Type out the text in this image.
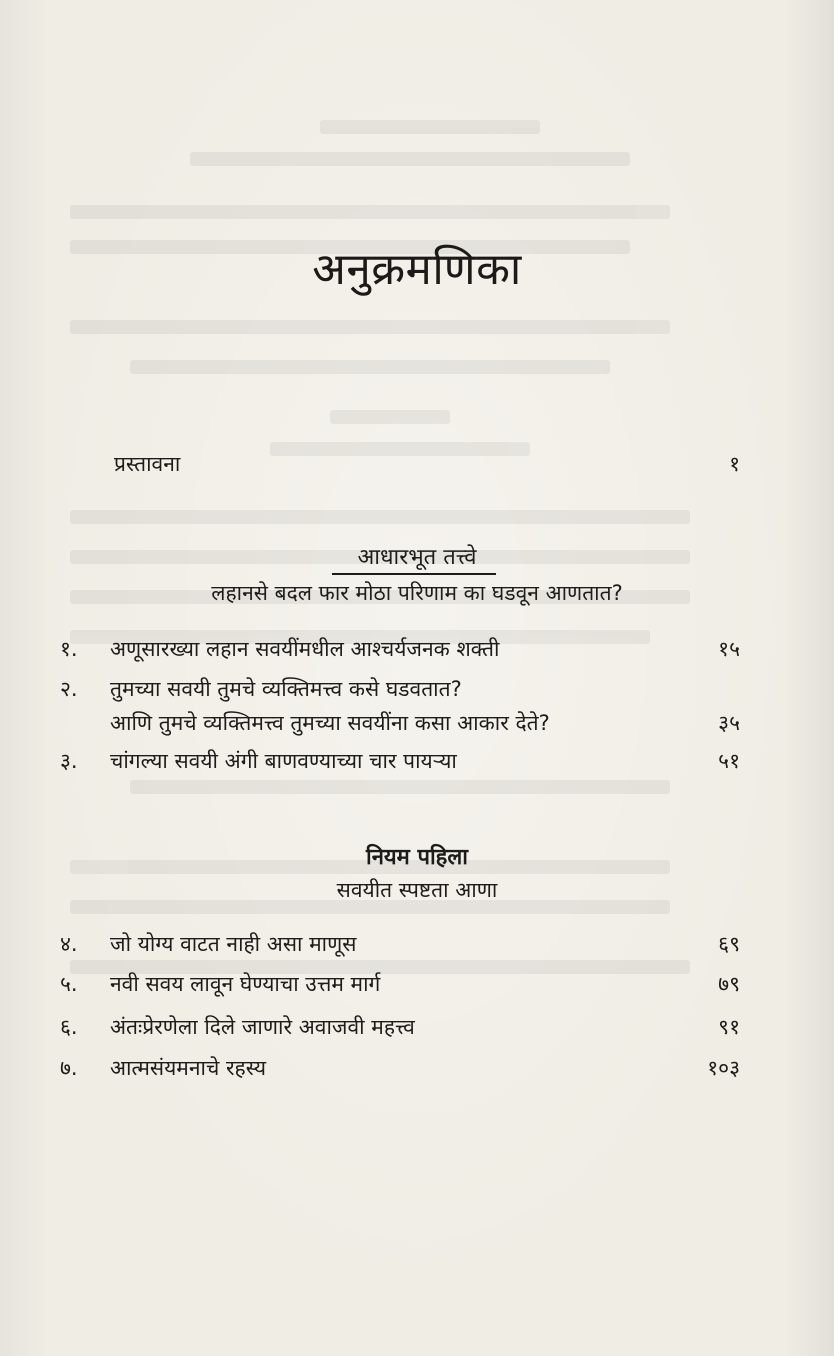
अनुक्रमणिका
प्रस्तावना	१
आधारभूत तत्त्वे
लहानसे बदल फार मोठा परिणाम का घडवून आणतात?
१. अणूसारख्या लहान सवयींमधील आश्चर्यजनक शक्ती	१५
२. तुमच्या सवयी तुमचे व्यक्तिमत्त्व कसे घडवतात?
आणि तुमचे व्यक्तिमत्त्व तुमच्या सवयींना कसा आकार देते?	३५
३. चांगल्या सवयी अंगी बाणवण्याच्या चार पायऱ्या	५१
नियम पहिला
सवयीत स्पष्टता आणा
४. जो योग्य वाटत नाही असा माणूस	६९
५. नवी सवय लावून घेण्याचा उत्तम मार्ग	७९
६. अंतःप्रेरणेला दिले जाणारे अवाजवी महत्त्व	९१
७. आत्मसंयमनाचे रहस्य	१०३
